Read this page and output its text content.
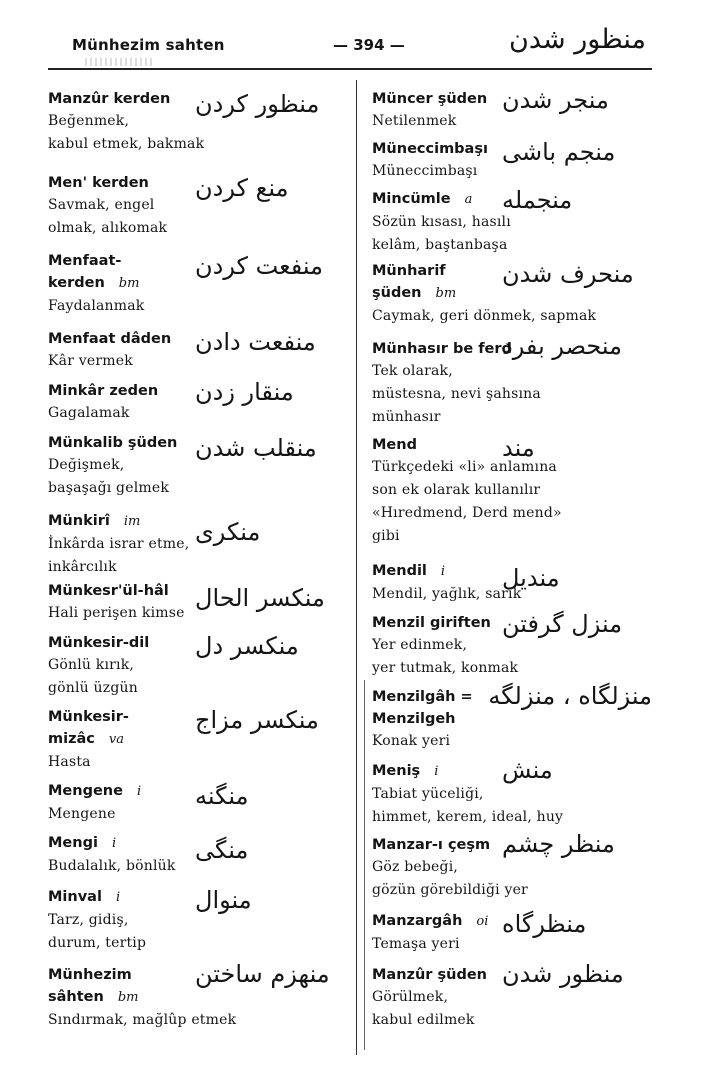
Münhezim sahten	— 394 —	منظور شدن
Manzûr kerden
Beğenmek,
kabul etmek, bakmak
منظور كردن
Men' kerden
Savmak, engel
olmak, alıkomak
منع كردن
Menfaat-
kerden bm
Faydalanmak
منفعت كردن
Menfaat dâden
Kâr vermek
منفعت دادن
Minkâr zeden
Gagalamak
منقار زدن
Münkalib şüden
Değişmek,
başaşağı gelmek
منقلب شدن
Münkirî im
İnkârda israr etme,
inkârcılık
منكرى
Münkesr'ül-hâl
Hali perişen kimse
منكسر الحال
Münkesir-dil
Gönlü kırık,
gönlü üzgün
منكسر دل
Münkesir-
mizâc va
Hasta
منكسر مزاج
Mengene i
Mengene
منگنه
Mengi i
Budalalık, bönlük
منگى
Minval i
Tarz, gidiş,
durum, tertip
منوال
Münhezim
sâhten bm
Sındırmak, mağlûp etmek
منهزم ساختن
Müncer şüden
Netilenmek
منجر شدن
Müneccimbaşı
Müneccimbaşı
منجم باشى
Mincümle a
Sözün kısası, hasılı
kelâm, baştanbaşa
منجمله
Münharif
şüden bm
Caymak, geri dönmek, sapmak
منحرف شدن
Münhasır be ferd
Tek olarak,
müstesna, nevi şahsına
münhasır
منحصر بفرد
Mend
Türkçedeki «li» anlamına
son ek olarak kullanılır
«Hıredmend, Derd mend»
gibi
مند
Mendil i
Mendil, yağlık, sarık
منديل
Menzil giriften
Yer edinmek,
yer tutmak, konmak
منزل گرفتن
Menzilgâh =
Menzilgeh
Konak yeri
منزلگاه ، منزلگه
Meniş i
Tabiat yüceliği,
himmet, kerem, ideal, huy
منش
Manzar-ı çeşm
Göz bebeği,
gözün görebildiği yer
منظر چشم
Manzargâh oi
Temaşa yeri
منظرگاه
Manzûr şüden
Görülmek,
kabul edilmek
منظور شدن
